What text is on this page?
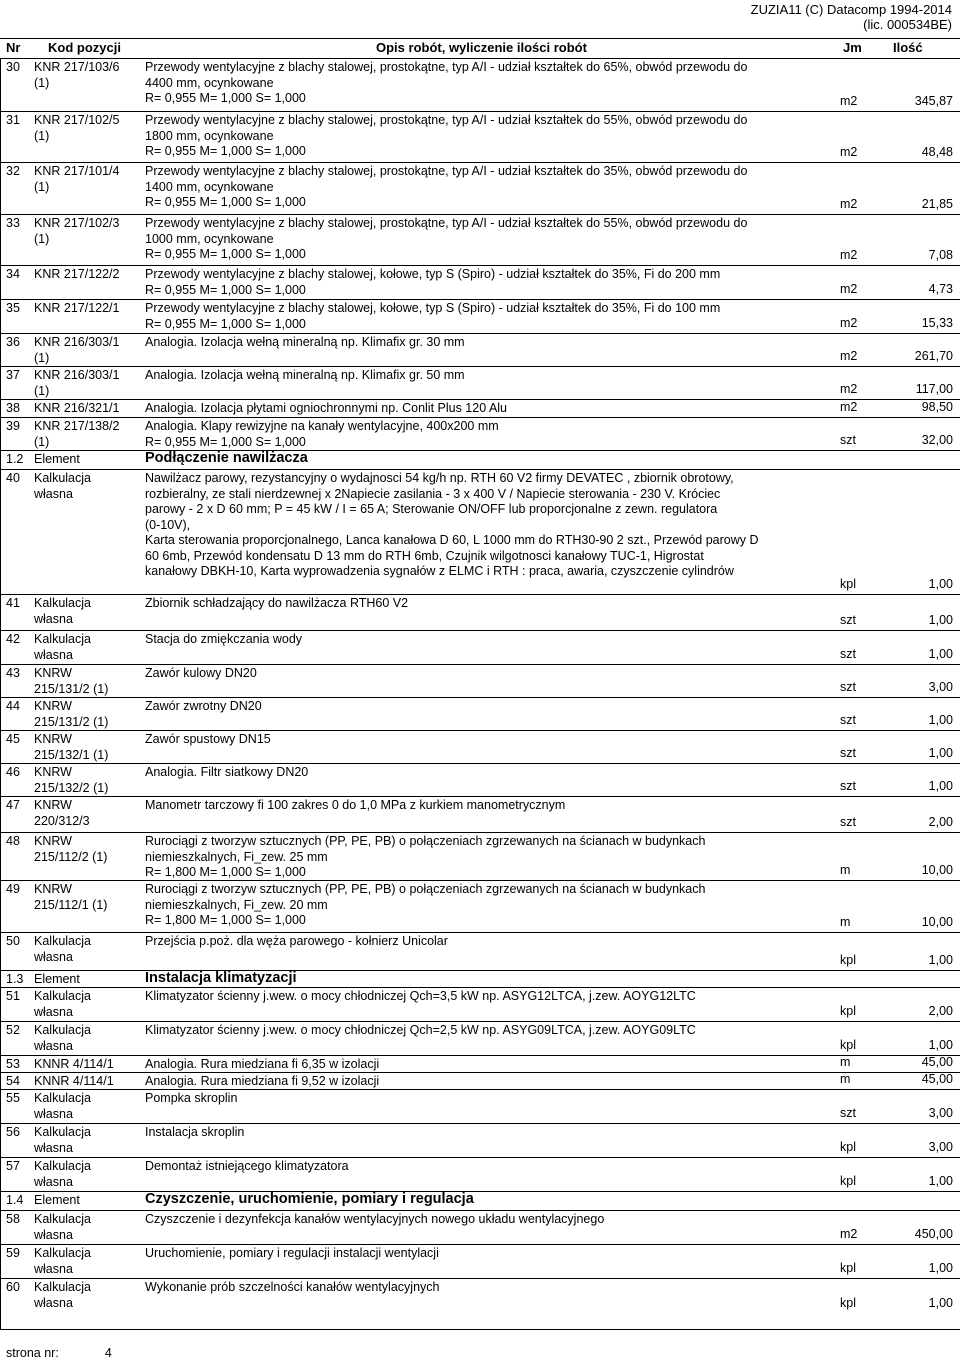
ZUZIA11 (C) Datacomp 1994-2014
(lic. 000534BE)
Nr Kod pozycji	Opis robót, wyliczenie ilości robót	Jm Ilość
30 KNR 217/103/6
(1)
Przewody wentylacyjne z blachy stalowej, prostokątne, typ A/I - udział kształtek do 65%, obwód przewodu do
4400 mm, ocynkowane
R= 0,955 M= 1,000 S= 1,000	m2	345,87
31 KNR 217/102/5
(1)
Przewody wentylacyjne z blachy stalowej, prostokątne, typ A/I - udział kształtek do 55%, obwód przewodu do
1800 mm, ocynkowane
R= 0,955 M= 1,000 S= 1,000	m2	48,48
32 KNR 217/101/4
(1)
Przewody wentylacyjne z blachy stalowej, prostokątne, typ A/I - udział kształtek do 35%, obwód przewodu do
1400 mm, ocynkowane
R= 0,955 M= 1,000 S= 1,000	m2	21,85
33 KNR 217/102/3
(1)
Przewody wentylacyjne z blachy stalowej, prostokątne, typ A/I - udział kształtek do 55%, obwód przewodu do
1000 mm, ocynkowane
R= 0,955 M= 1,000 S= 1,000	m2	7,08
34 KNR 217/122/2	Przewody wentylacyjne z blachy stalowej, kołowe, typ S (Spiro) - udział kształtek do 35%, Fi do 200 mm
R= 0,955 M= 1,000 S= 1,000	m2	4,73
35 KNR 217/122/1	Przewody wentylacyjne z blachy stalowej, kołowe, typ S (Spiro) - udział kształtek do 35%, Fi do 100 mm
R= 0,955 M= 1,000 S= 1,000	m2	15,33
36 KNR 216/303/1
(1)
Analogia. Izolacja wełną mineralną np. Klimafix gr. 30 mm
m2	261,70
37 KNR 216/303/1
(1)
Analogia. Izolacja wełną mineralną np. Klimafix gr. 50 mm
m2	117,00
38 KNR 216/321/1	Analogia. Izolacja płytami ogniochronnymi np. Conlit Plus 120 Alu	m2	98,50
39 KNR 217/138/2
(1)
Analogia. Klapy rewizyjne na kanały wentylacyjne, 400x200 mm
R= 0,955 M= 1,000 S= 1,000	szt	32,00
1.2 Element	Podłączenie nawilżacza
40 Kalkulacja
własna
Nawilżacz parowy, rezystancyjny o wydajnosci 54 kg/h np. RTH 60 V2 firmy DEVATEC , zbiornik obrotowy,
rozbieralny, ze stali nierdzewnej x 2Napiecie zasilania - 3 x 400 V / Napiecie sterowania - 230 V. Króciec
parowy - 2 x D 60 mm; P = 45 kW / I = 65 A; Sterowanie ON/OFF lub proporcjonalne z zewn. regulatora
(0-10V),
Karta sterowania proporcjonalnego, Lanca kanałowa D 60, L 1000 mm do RTH30-90 2 szt., Przewód parowy D
60 6mb, Przewód kondensatu D 13 mm do RTH 6mb, Czujnik wilgotnosci kanałowy TUC-1, Higrostat
kanałowy DBKH-10, Karta wyprowadzenia sygnałów z ELMC i RTH : praca, awaria, czyszczenie cylindrów
kpl	1,00
41 Kalkulacja
własna
Zbiornik schładzający do nawilżacza RTH60 V2
szt	1,00
42 Kalkulacja
własna
Stacja do zmiękczania wody
szt	1,00
43 KNRW
215/131/2 (1)
Zawór kulowy DN20
szt	3,00
44 KNRW
215/131/2 (1)
Zawór zwrotny DN20
szt	1,00
45 KNRW
215/132/1 (1)
Zawór spustowy DN15
szt	1,00
46 KNRW
215/132/2 (1)
Analogia. Filtr siatkowy DN20
szt	1,00
47 KNRW
220/312/3
Manometr tarczowy fi 100 zakres 0 do 1,0 MPa z kurkiem manometrycznym
szt	2,00
48 KNRW
215/112/2 (1)
Rurociągi z tworzyw sztucznych (PP, PE, PB) o połączeniach zgrzewanych na ścianach w budynkach
niemieszkalnych, Fi_zew. 25 mm
R= 1,800 M= 1,000 S= 1,000	m	10,00
49 KNRW
215/112/1 (1)
Rurociągi z tworzyw sztucznych (PP, PE, PB) o połączeniach zgrzewanych na ścianach w budynkach
niemieszkalnych, Fi_zew. 20 mm
R= 1,800 M= 1,000 S= 1,000	m	10,00
50 Kalkulacja
własna
Przejścia p.poż. dla węża parowego - kołnierz Unicolar
kpl	1,00
1.3 Element	Instalacja klimatyzacji
51 Kalkulacja
własna
Klimatyzator ścienny j.wew. o mocy chłodniczej Qch=3,5 kW np. ASYG12LTCA, j.zew. AOYG12LTC
kpl	2,00
52 Kalkulacja
własna
Klimatyzator ścienny j.wew. o mocy chłodniczej Qch=2,5 kW np. ASYG09LTCA, j.zew. AOYG09LTC
kpl	1,00
53 KNNR 4/114/1	Analogia. Rura miedziana fi 6,35 w izolacji	m	45,00
54 KNNR 4/114/1	Analogia. Rura miedziana fi 9,52 w izolacji	m	45,00
55 Kalkulacja
własna
Pompka skroplin
szt	3,00
56 Kalkulacja
własna
Instalacja skroplin
kpl	3,00
57 Kalkulacja
własna
Demontaż istniejącego klimatyzatora
kpl	1,00
1.4 Element	Czyszczenie, uruchomienie, pomiary i regulacja
58 Kalkulacja
własna
Czyszczenie i dezynfekcja kanałów wentylacyjnych nowego układu wentylacyjnego
m2	450,00
59 Kalkulacja
własna
Uruchomienie, pomiary i regulacji instalacji wentylacji
kpl	1,00
60 Kalkulacja
własna
Wykonanie prób szczelności kanałów wentylacyjnych
kpl	1,00
strona nr:	4
